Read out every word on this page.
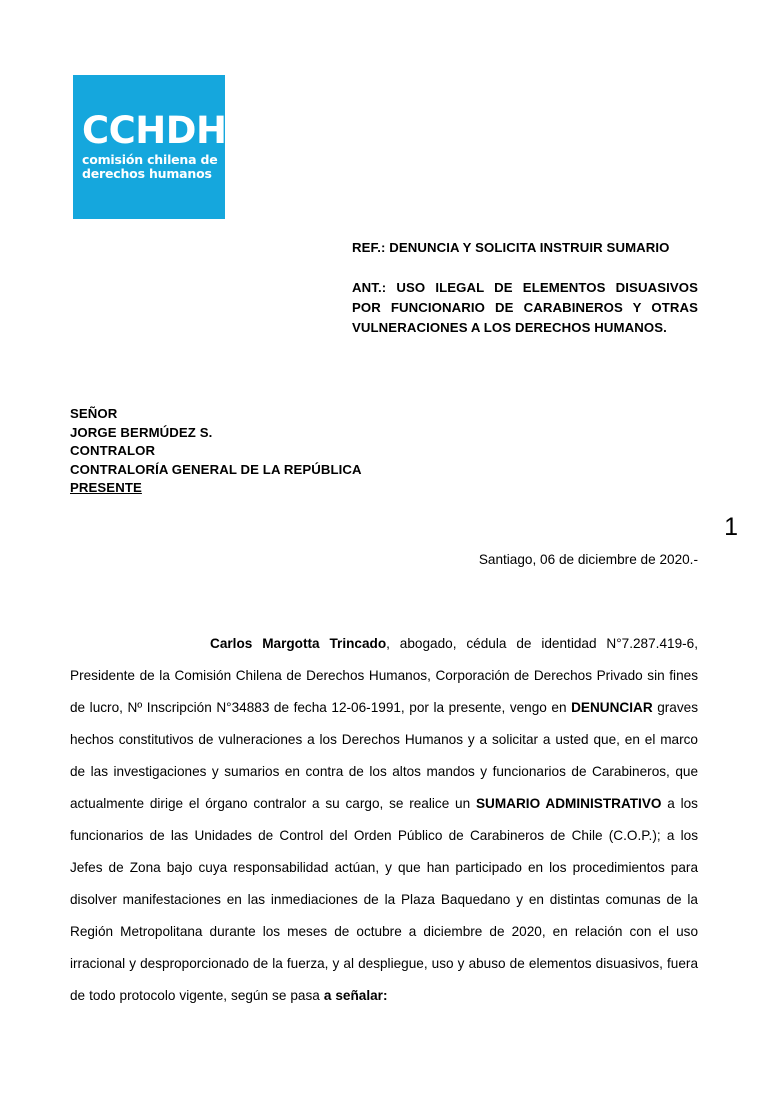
CCHDH
comisión chilena de
derechos humanos

REF.: DENUNCIA Y SOLICITA INSTRUIR SUMARIO

ANT.: USO ILEGAL DE ELEMENTOS DISUASIVOS POR FUNCIONARIO DE CARABINEROS Y OTRAS VULNERACIONES A LOS DERECHOS HUMANOS.

SEÑOR
JORGE BERMÚDEZ S.
CONTRALOR
CONTRALORÍA GENERAL DE LA REPÚBLICA
PRESENTE
1
Santiago, 06 de diciembre de 2020.-
Carlos Margotta Trincado, abogado, cédula de identidad N°7.287.419-6, Presidente de la Comisión Chilena de Derechos Humanos, Corporación de Derechos Privado sin fines de lucro, Nº Inscripción N°34883 de fecha 12-06-1991, por la presente, vengo en DENUNCIAR graves hechos constitutivos de vulneraciones a los Derechos Humanos y a solicitar a usted que, en el marco de las investigaciones y sumarios en contra de los altos mandos y funcionarios de Carabineros, que actualmente dirige el órgano contralor a su cargo, se realice un SUMARIO ADMINISTRATIVO a los funcionarios de las Unidades de Control del Orden Público de Carabineros de Chile (C.O.P.); a los Jefes de Zona bajo cuya responsabilidad actúan, y que han participado en los procedimientos para disolver manifestaciones en las inmediaciones de la Plaza Baquedano y en distintas comunas de la Región Metropolitana durante los meses de octubre a diciembre de 2020, en relación con el uso irracional y desproporcionado de la fuerza, y al despliegue, uso y abuso de elementos disuasivos, fuera de todo protocolo vigente, según se pasa a señalar:
